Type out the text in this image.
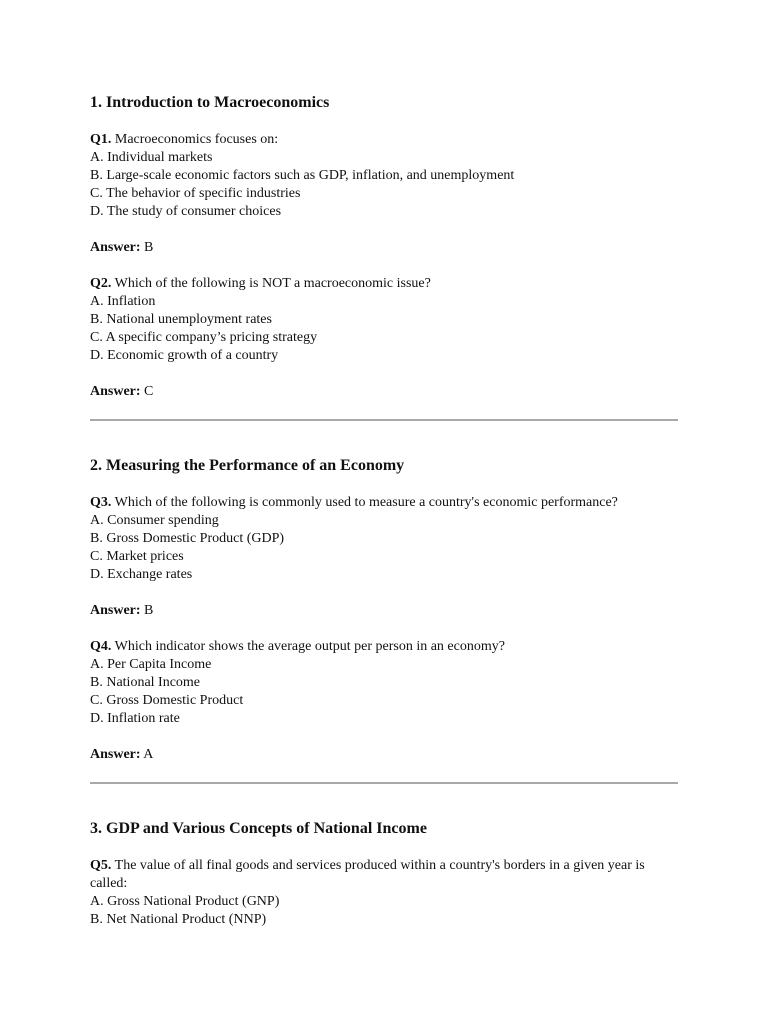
1. Introduction to Macroeconomics
Q1. Macroeconomics focuses on:
A. Individual markets
B. Large-scale economic factors such as GDP, inflation, and unemployment
C. The behavior of specific industries
D. The study of consumer choices
Answer: B
Q2. Which of the following is NOT a macroeconomic issue?
A. Inflation
B. National unemployment rates
C. A specific company’s pricing strategy
D. Economic growth of a country
Answer: C
2. Measuring the Performance of an Economy
Q3. Which of the following is commonly used to measure a country's economic performance?
A. Consumer spending
B. Gross Domestic Product (GDP)
C. Market prices
D. Exchange rates
Answer: B
Q4. Which indicator shows the average output per person in an economy?
A. Per Capita Income
B. National Income
C. Gross Domestic Product
D. Inflation rate
Answer: A
3. GDP and Various Concepts of National Income
Q5. The value of all final goods and services produced within a country's borders in a given year is called:
A. Gross National Product (GNP)
B. Net National Product (NNP)
